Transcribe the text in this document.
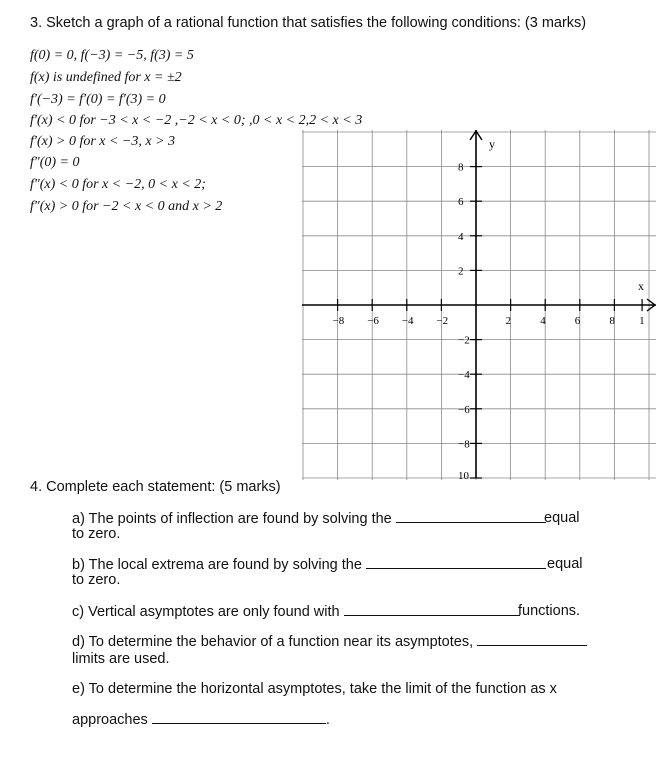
3. Sketch a graph of a rational function that satisfies the following conditions: (3 marks)
f(0) = 0, f(−3) = −5, f(3) = 5
f(x) is undefined for x = ±2
f′(−3) = f′(0) = f′(3) = 0
f′(x) < 0 for −3 < x < −2 ,−2 < x < 0; ,0 < x < 2,2 < x < 3
f′(x) > 0 for x < −3, x > 3
f″(0) = 0
f″(x) < 0 for x < −2, 0 < x < 2;
f″(x) > 0 for −2 < x < 0 and x > 2
y
x
−8 −6 −4 −2	2	4	6	8 1
8
6
4
2
−2
−4
−6
−8
10
4. Complete each statement: (5 marks)
a) The points of inflection are found by solving the	equal
to zero.
b) The local extrema are found by solving the	equal
to zero.
c) Vertical asymptotes are only found with	functions.
d) To determine the behavior of a function near its asymptotes,
limits are used.
e) To determine the horizontal asymptotes, take the limit of the function as x
approaches	.
